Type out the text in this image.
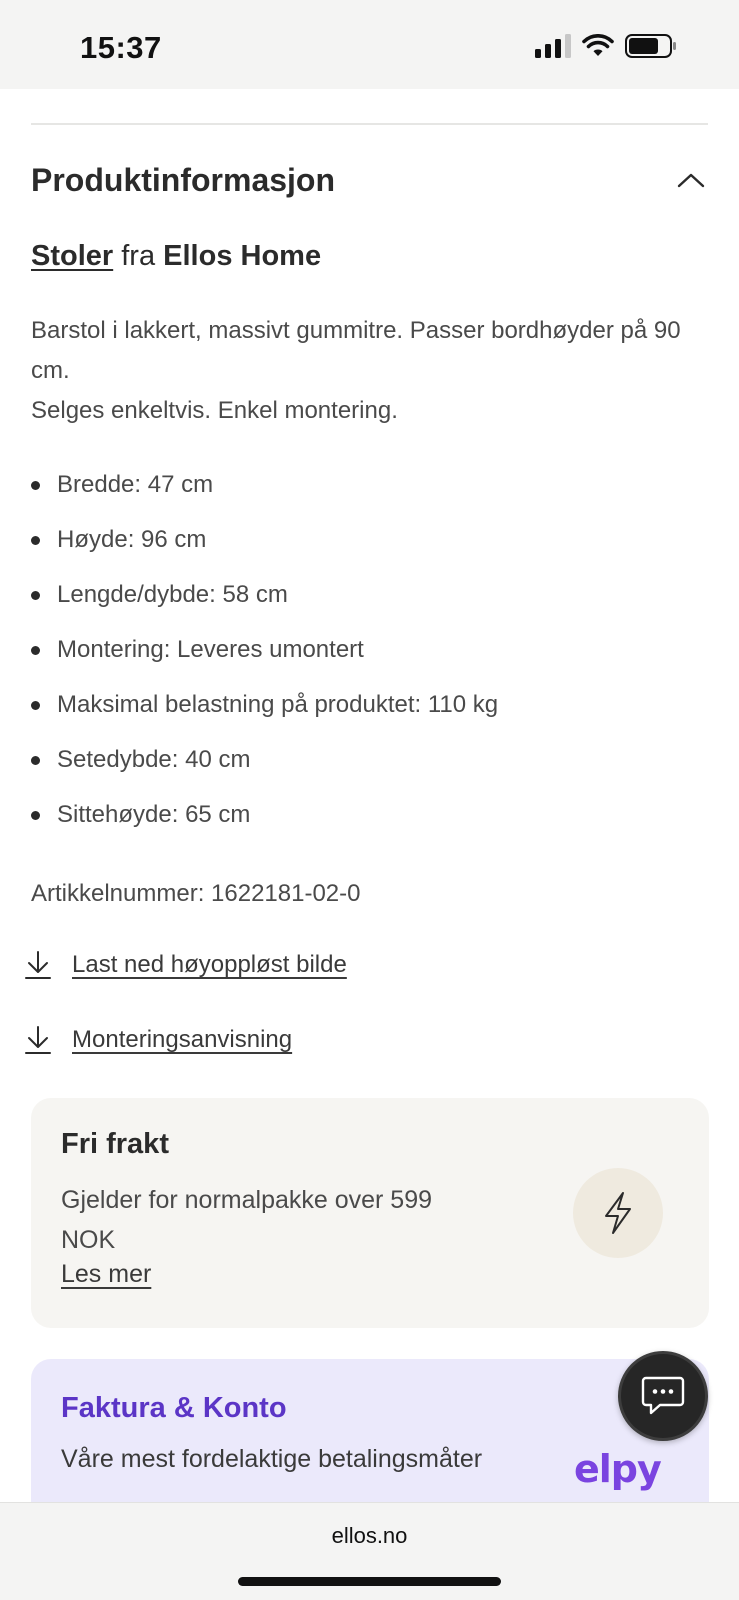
15:37
Produktinformasjon
Stoler fra Ellos Home
Barstol i lakkert, massivt gummitre. Passer bordhøyder på 90 cm.
Selges enkeltvis. Enkel montering.
Bredde: 47 cm
Høyde: 96 cm
Lengde/dybde: 58 cm
Montering: Leveres umontert
Maksimal belastning på produktet: 110 kg
Setedybde: 40 cm
Sittehøyde: 65 cm
Artikkelnummer: 1622181-02-0
Last ned høyoppløst bilde
Monteringsanvisning
Fri frakt
Gjelder for normalpakke over 599 NOK
Les mer
Faktura & Konto
Våre mest fordelaktige betalingsmåter elpy
ellos.no
